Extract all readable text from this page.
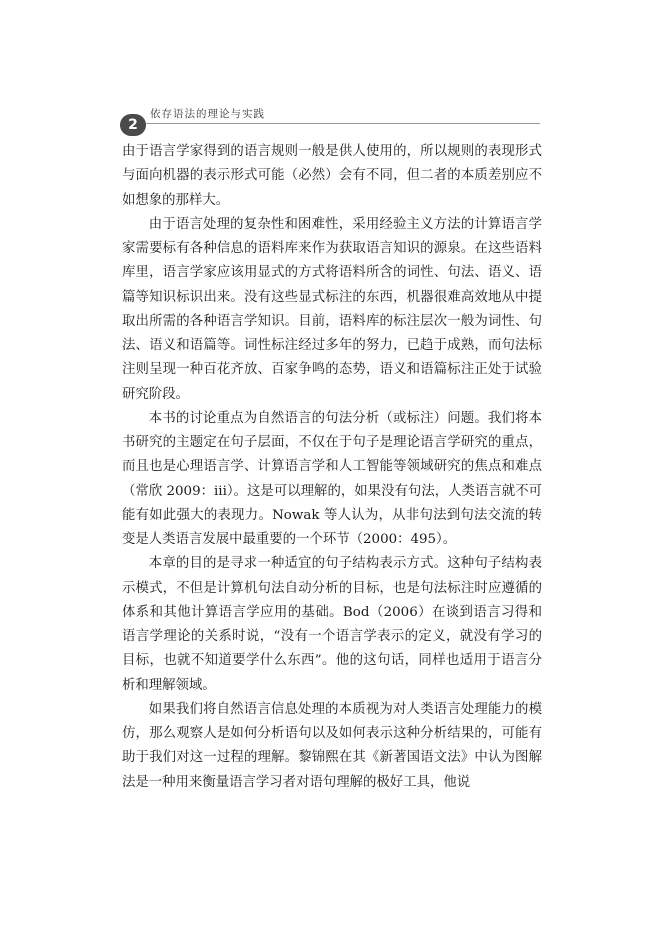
2
依存语法的理论与实践

由于语言学家得到的语言规则一般是供人使用的，所以规则的表现形式与面向机器的表示形式可能（必然）会有不同，但二者的本质差别应不如想象的那样大。

由于语言处理的复杂性和困难性，采用经验主义方法的计算语言学家需要标有各种信息的语料库来作为获取语言知识的源泉。在这些语料库里，语言学家应该用显式的方式将语料所含的词性、句法、语义、语篇等知识标识出来。没有这些显式标注的东西，机器很难高效地从中提取出所需的各种语言学知识。目前，语料库的标注层次一般为词性、句法、语义和语篇等。词性标注经过多年的努力，已趋于成熟，而句法标注则呈现一种百花齐放、百家争鸣的态势，语义和语篇标注正处于试验研究阶段。

本书的讨论重点为自然语言的句法分析（或标注）问题。我们将本书研究的主题定在句子层面，不仅在于句子是理论语言学研究的重点，而且也是心理语言学、计算语言学和人工智能等领域研究的焦点和难点（常欣 2009：iii）。这是可以理解的，如果没有句法，人类语言就不可能有如此强大的表现力。Nowak 等人认为，从非句法到句法交流的转变是人类语言发展中最重要的一个环节（2000：495）。

本章的目的是寻求一种适宜的句子结构表示方式。这种句子结构表示模式，不但是计算机句法自动分析的目标，也是句法标注时应遵循的体系和其他计算语言学应用的基础。Bod（2006）在谈到语言习得和语言学理论的关系时说，“没有一个语言学表示的定义，就没有学习的目标，也就不知道要学什么东西”。他的这句话，同样也适用于语言分析和理解领域。

如果我们将自然语言信息处理的本质视为对人类语言处理能力的模仿，那么观察人是如何分析语句以及如何表示这种分析结果的，可能有助于我们对这一过程的理解。黎锦熙在其《新著国语文法》中认为图解法是一种用来衡量语言学习者对语句理解的极好工具，他说
